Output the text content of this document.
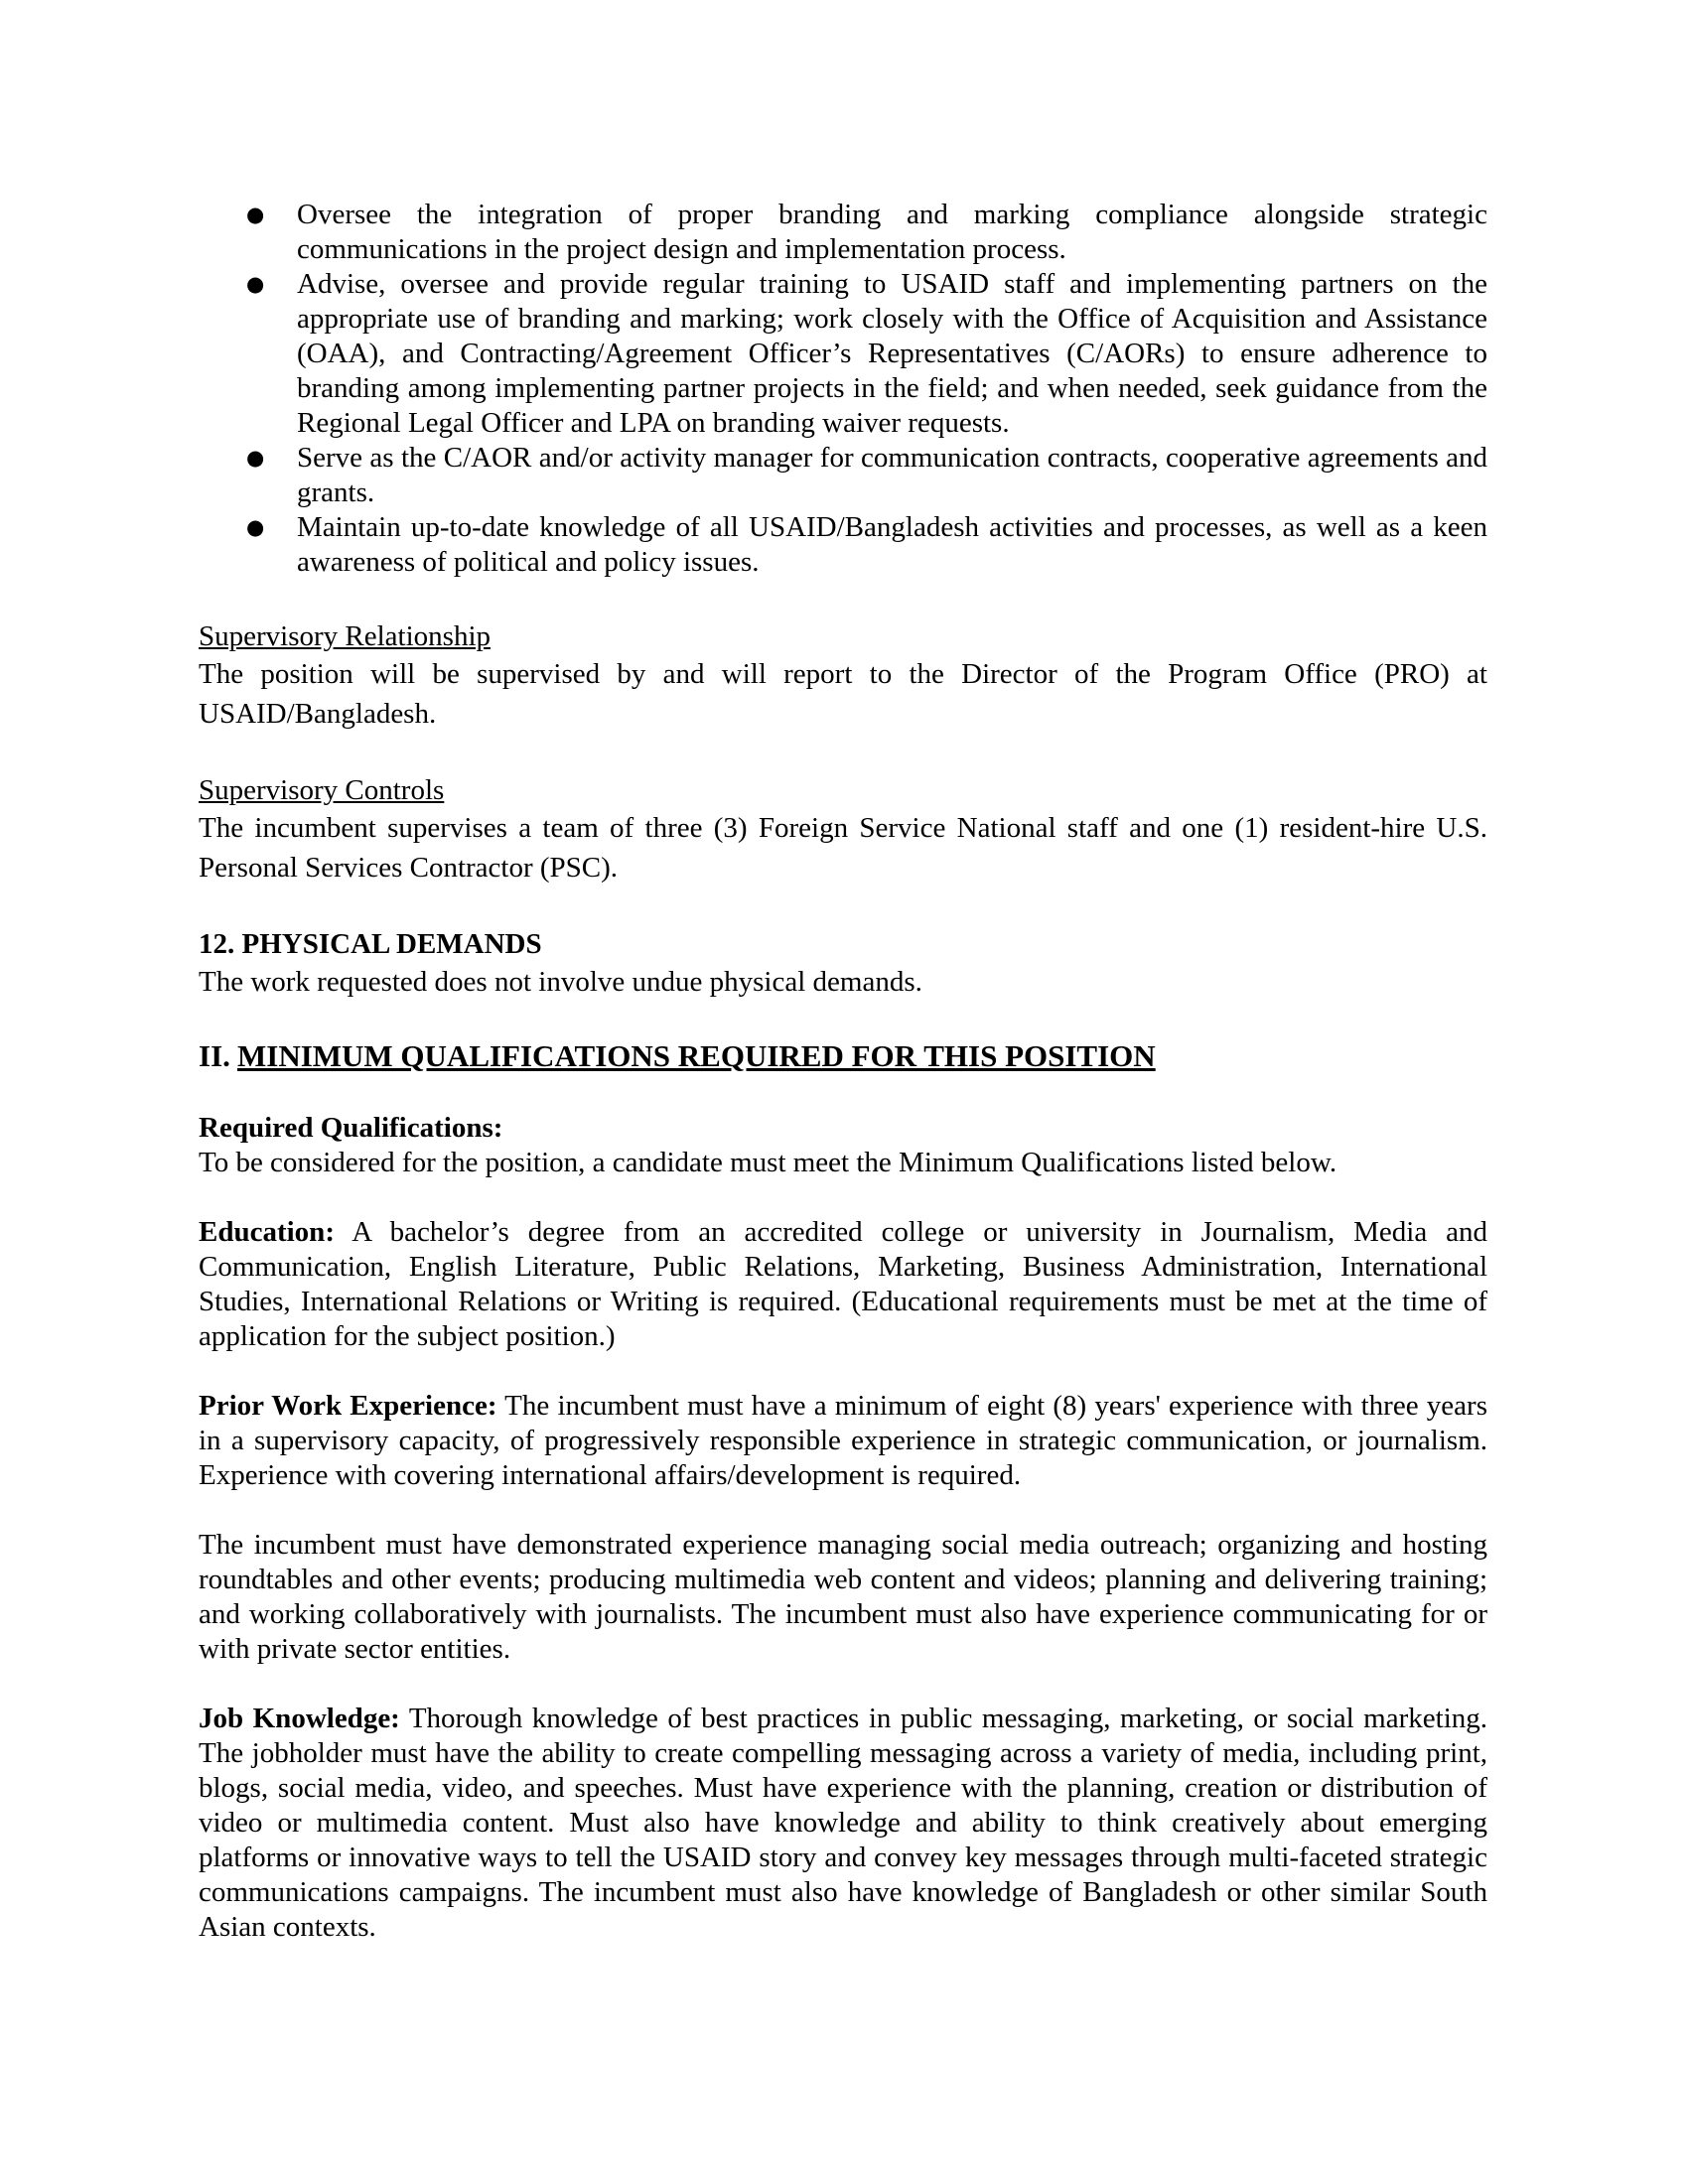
● Oversee the integration of proper branding and marking compliance alongside strategic communications in the project design and implementation process.
● Advise, oversee and provide regular training to USAID staff and implementing partners on the appropriate use of branding and marking; work closely with the Office of Acquisition and Assistance (OAA), and Contracting/Agreement Officer’s Representatives (C/AORs) to ensure adherence to branding among implementing partner projects in the field; and when needed, seek guidance from the Regional Legal Officer and LPA on branding waiver requests.
● Serve as the C/AOR and/or activity manager for communication contracts, cooperative agreements and grants.
● Maintain up-to-date knowledge of all USAID/Bangladesh activities and processes, as well as a keen awareness of political and policy issues.

Supervisory Relationship

The position will be supervised by and will report to the Director of the Program Office (PRO) at USAID/Bangladesh.

Supervisory Controls

The incumbent supervises a team of three (3) Foreign Service National staff and one (1) resident-hire U.S. Personal Services Contractor (PSC).

12. PHYSICAL DEMANDS

The work requested does not involve undue physical demands.

II. MINIMUM QUALIFICATIONS REQUIRED FOR THIS POSITION

Required Qualifications:

To be considered for the position, a candidate must meet the Minimum Qualifications listed below.

Education: A bachelor’s degree from an accredited college or university in Journalism, Media and Communication, English Literature, Public Relations, Marketing, Business Administration, International Studies, International Relations or Writing is required. (Educational requirements must be met at the time of application for the subject position.)

Prior Work Experience: The incumbent must have a minimum of eight (8) years' experience with three years in a supervisory capacity, of progressively responsible experience in strategic communication, or journalism. Experience with covering international affairs/development is required.

The incumbent must have demonstrated experience managing social media outreach; organizing and hosting roundtables and other events; producing multimedia web content and videos; planning and delivering training; and working collaboratively with journalists. The incumbent must also have experience communicating for or with private sector entities.

Job Knowledge: Thorough knowledge of best practices in public messaging, marketing, or social marketing. The jobholder must have the ability to create compelling messaging across a variety of media, including print, blogs, social media, video, and speeches. Must have experience with the planning, creation or distribution of video or multimedia content. Must also have knowledge and ability to think creatively about emerging platforms or innovative ways to tell the USAID story and convey key messages through multi-faceted strategic communications campaigns. The incumbent must also have knowledge of Bangladesh or other similar South Asian contexts.
